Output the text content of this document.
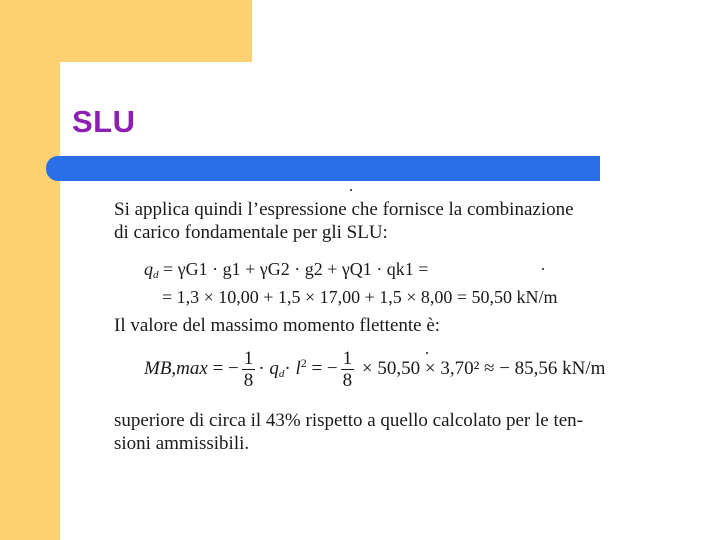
SLU
Si applica quindi l’espressione che fornisce la combinazione
di carico fondamentale per gli SLU:
$q_d = \gamma G1 \cdot g1 + \gamma G2 \cdot g2 + \gamma Q1 \cdot qk1$ =
= 1,3 × 10,00 + 1,5 × 17,00 + 1,5 × 8,00 = 50,50 kN/m
Il valore del massimo momento flettente è:
MB,max = − $\frac{1}{8} \cdot q_d\cdot l^2$ = − $\frac{1}{8} \times 50,50 \times 3,70^2$ ≈ − 85,56 kN/m
superiore di circa il 43% rispetto a quello calcolato per le ten-
sioni ammissibili.
